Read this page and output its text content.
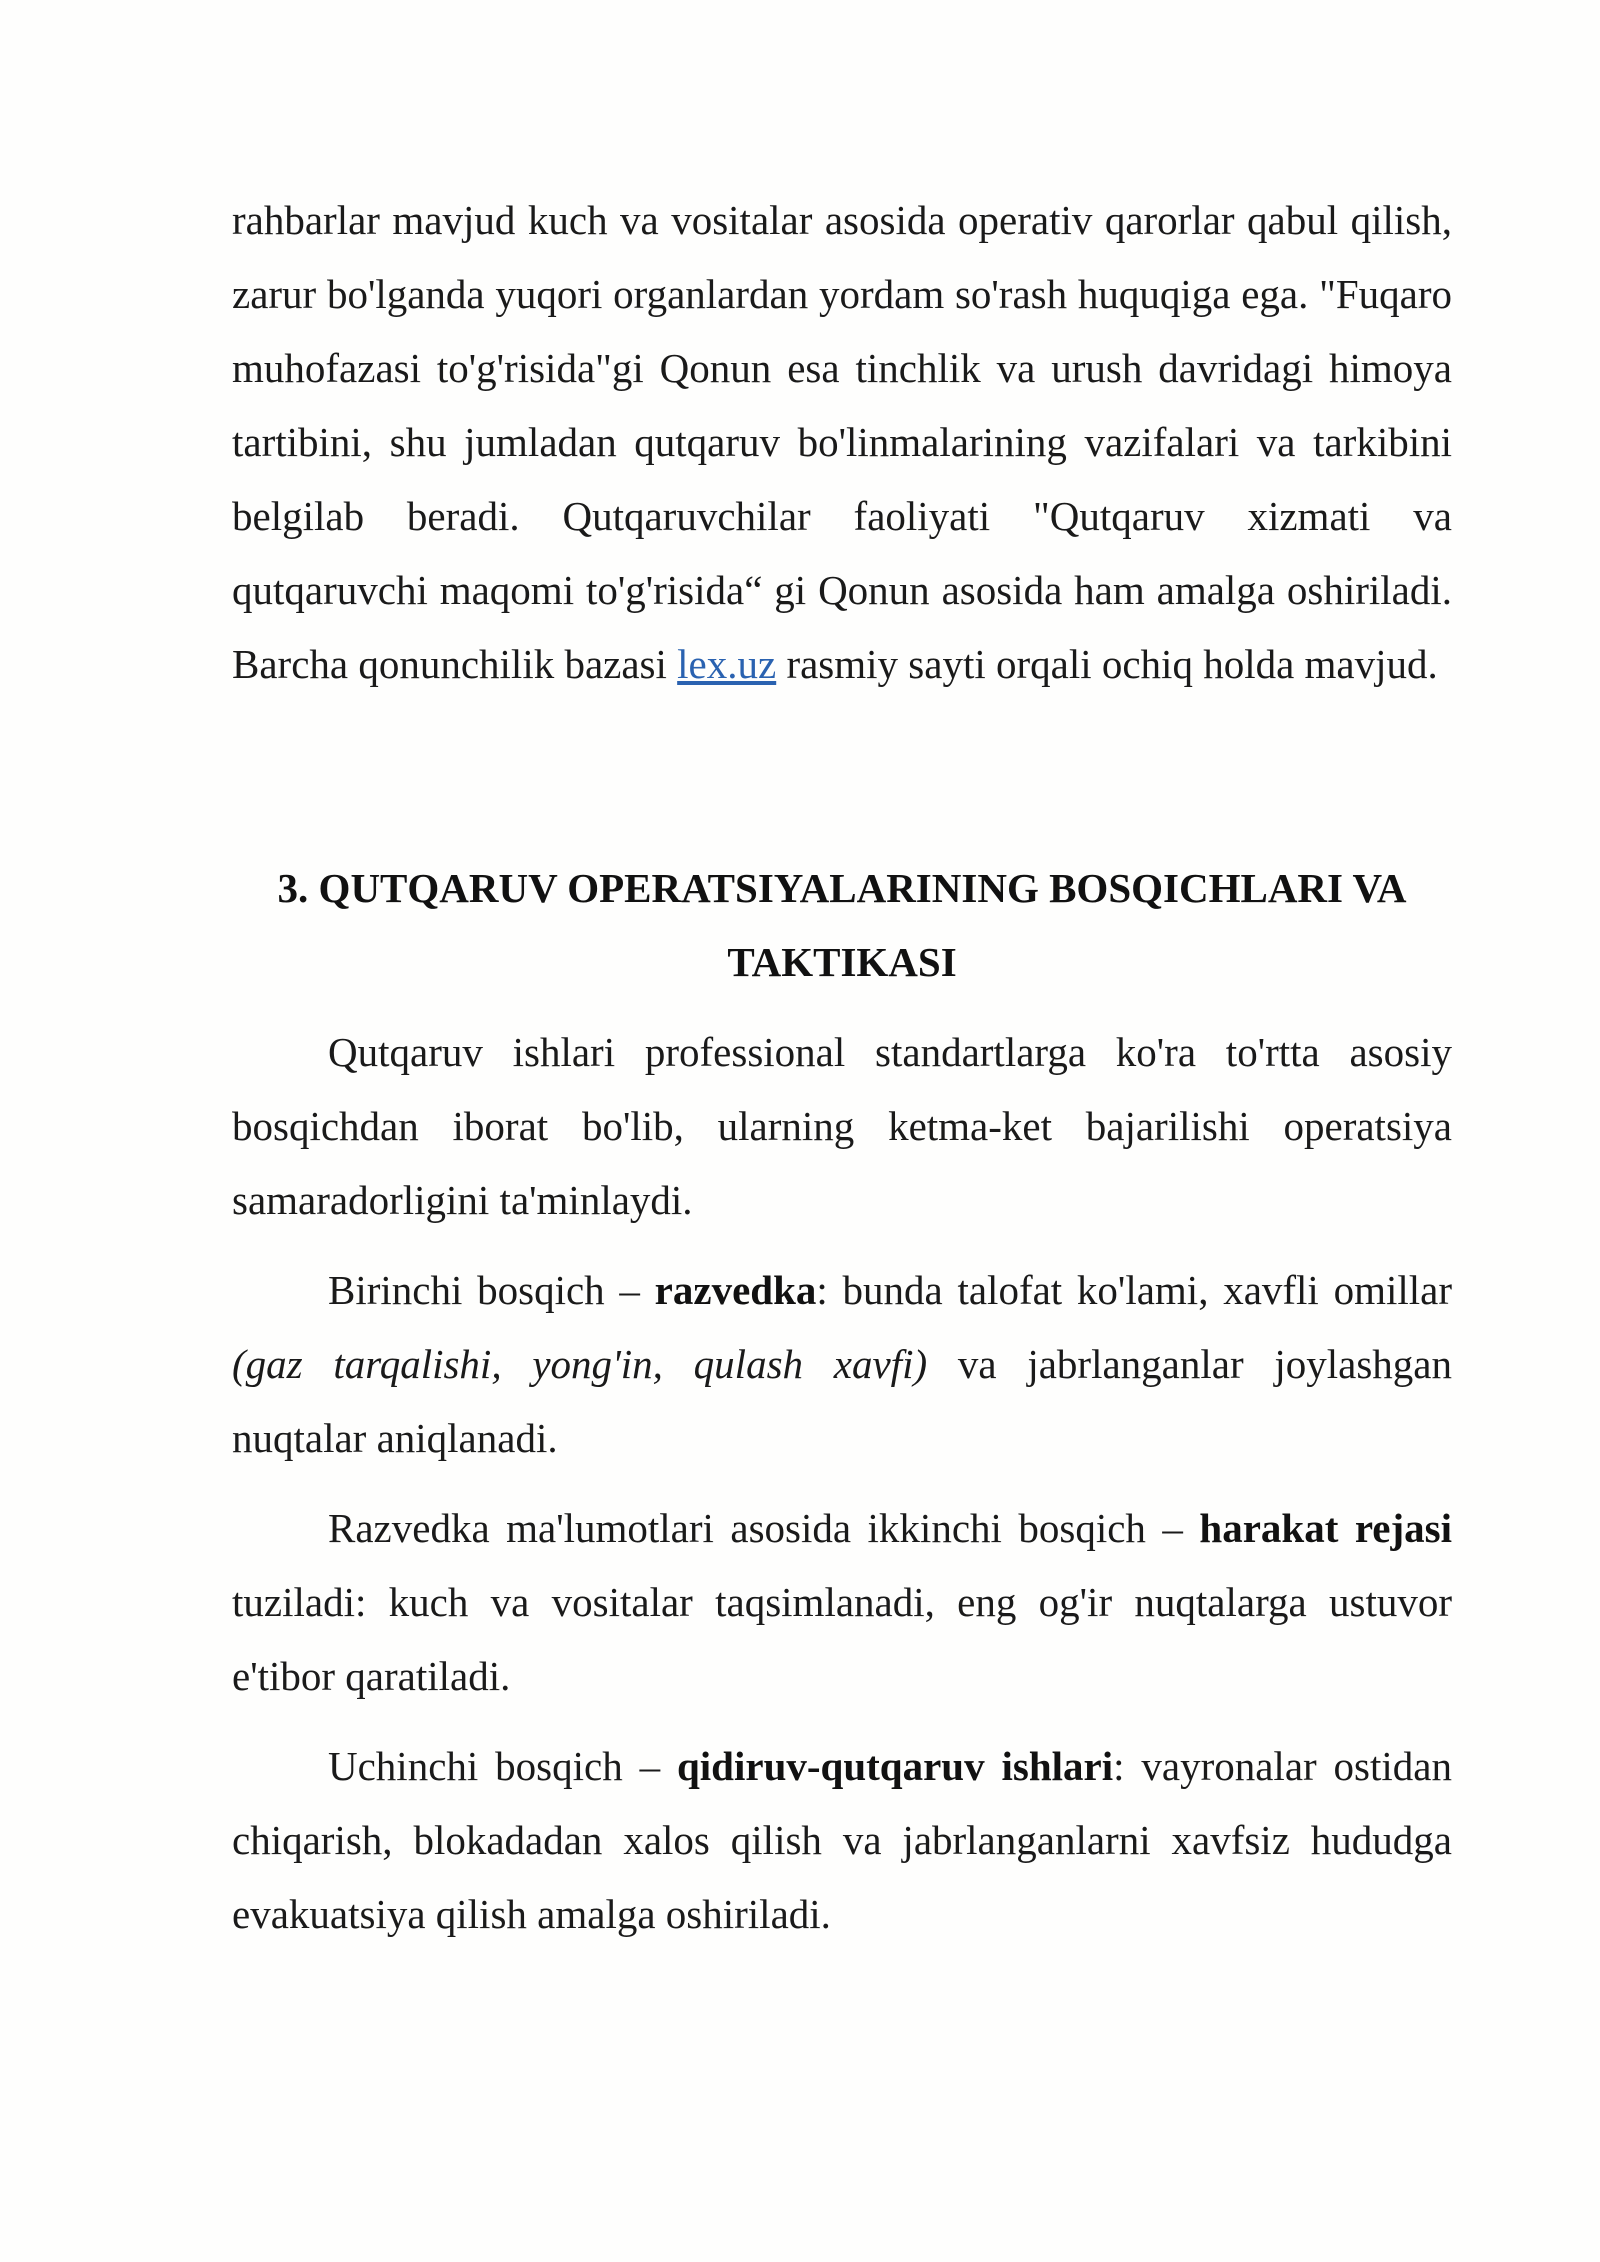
rahbarlar mavjud kuch va vositalar asosida operativ qarorlar qabul qilish, zarur bo'lganda yuqori organlardan yordam so'rash huquqiga ega. "Fuqaro muhofazasi to'g'risida"gi Qonun esa tinchlik va urush davridagi himoya tartibini, shu jumladan qutqaruv bo'linmalarining vazifalari va tarkibini belgilab beradi. Qutqaruvchilar faoliyati "Qutqaruv xizmati va qutqaruvchi maqomi to'g'risida“ gi Qonun asosida ham amalga oshiriladi. Barcha qonunchilik bazasi lex.uz rasmiy sayti orqali ochiq holda mavjud.

3. QUTQARUV OPERATSIYALARINING BOSQICHLARI VA
TAKTIKASI

Qutqaruv ishlari professional standartlarga ko'ra to'rtta asosiy bosqichdan iborat bo'lib, ularning ketma-ket bajarilishi operatsiya samaradorligini ta'minlaydi.

Birinchi bosqich – razvedka: bunda talofat ko'lami, xavfli omillar (gaz tarqalishi, yong'in, qulash xavfi) va jabrlanganlar joylashgan nuqtalar aniqlanadi.

Razvedka ma'lumotlari asosida ikkinchi bosqich – harakat rejasi tuziladi: kuch va vositalar taqsimlanadi, eng og'ir nuqtalarga ustuvor e'tibor qaratiladi.

Uchinchi bosqich – qidiruv-qutqaruv ishlari: vayronalar ostidan chiqarish, blokadadan xalos qilish va jabrlanganlarni xavfsiz hududga evakuatsiya qilish amalga oshiriladi.
